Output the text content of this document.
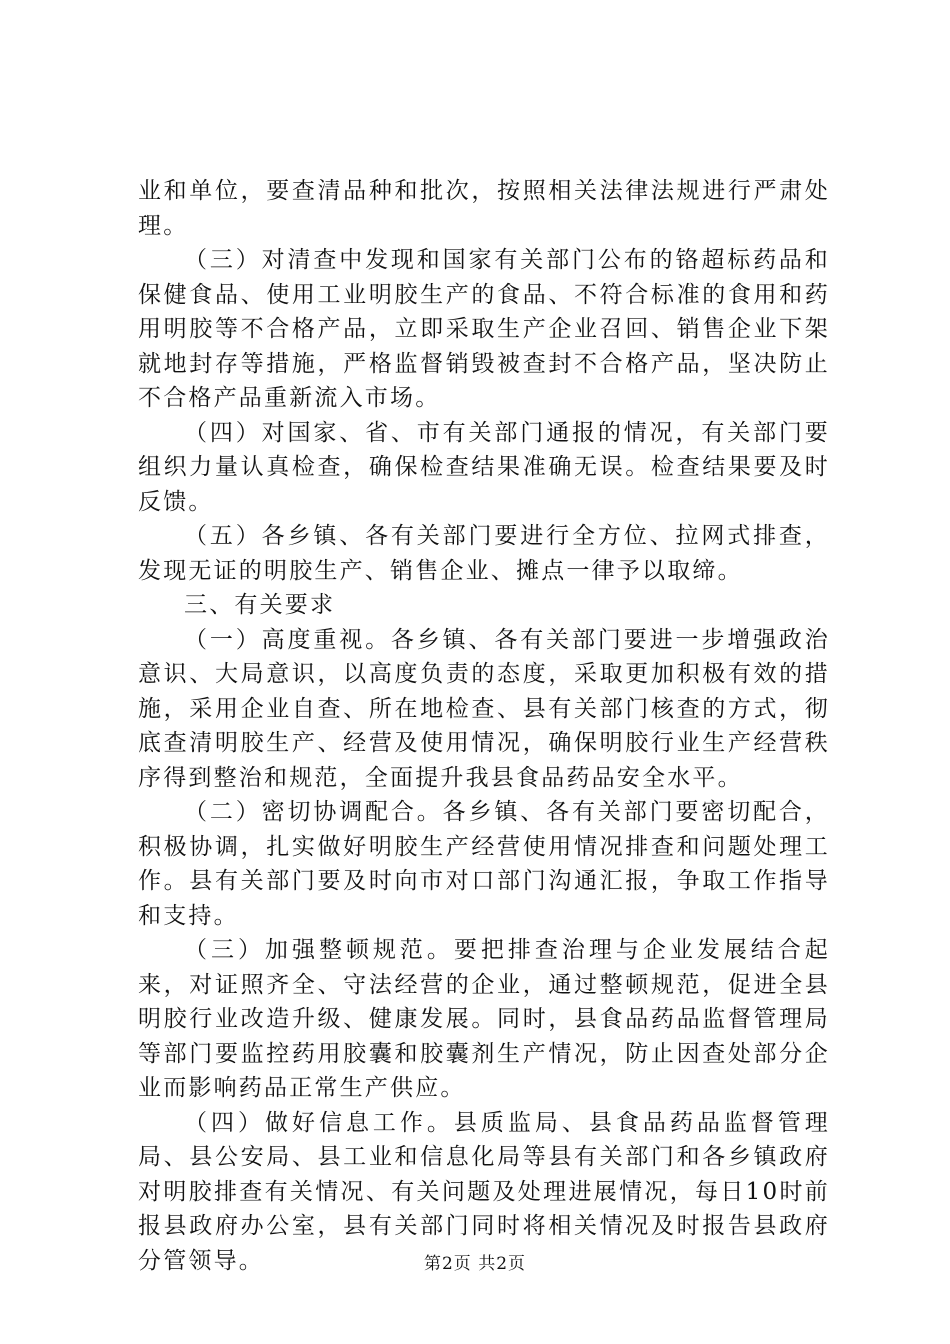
业和单位，要查清品种和批次，按照相关法律法规进行严肃处理。

（三）对清查中发现和国家有关部门公布的铬超标药品和保健食品、使用工业明胶生产的食品、不符合标准的食用和药用明胶等不合格产品，立即采取生产企业召回、销售企业下架就地封存等措施，严格监督销毁被查封不合格产品，坚决防止不合格产品重新流入市场。

（四）对国家、省、市有关部门通报的情况，有关部门要组织力量认真检查，确保检查结果准确无误。检查结果要及时反馈。

（五）各乡镇、各有关部门要进行全方位、拉网式排查，发现无证的明胶生产、销售企业、摊点一律予以取缔。

三、有关要求

（一）高度重视。各乡镇、各有关部门要进一步增强政治意识、大局意识，以高度负责的态度，采取更加积极有效的措施，采用企业自查、所在地检查、县有关部门核查的方式，彻底查清明胶生产、经营及使用情况，确保明胶行业生产经营秩序得到整治和规范，全面提升我县食品药品安全水平。

（二）密切协调配合。各乡镇、各有关部门要密切配合，积极协调，扎实做好明胶生产经营使用情况排查和问题处理工作。县有关部门要及时向市对口部门沟通汇报，争取工作指导和支持。

（三）加强整顿规范。要把排查治理与企业发展结合起来，对证照齐全、守法经营的企业，通过整顿规范，促进全县明胶行业改造升级、健康发展。同时，县食品药品监督管理局等部门要监控药用胶囊和胶囊剂生产情况，防止因查处部分企业而影响药品正常生产供应。

（四）做好信息工作。县质监局、县食品药品监督管理局、县公安局、县工业和信息化局等县有关部门和各乡镇政府对明胶排查有关情况、有关问题及处理进展情况，每日10时前报县政府办公室，县有关部门同时将相关情况及时报告县政府分管领导。	第2页 共2页
